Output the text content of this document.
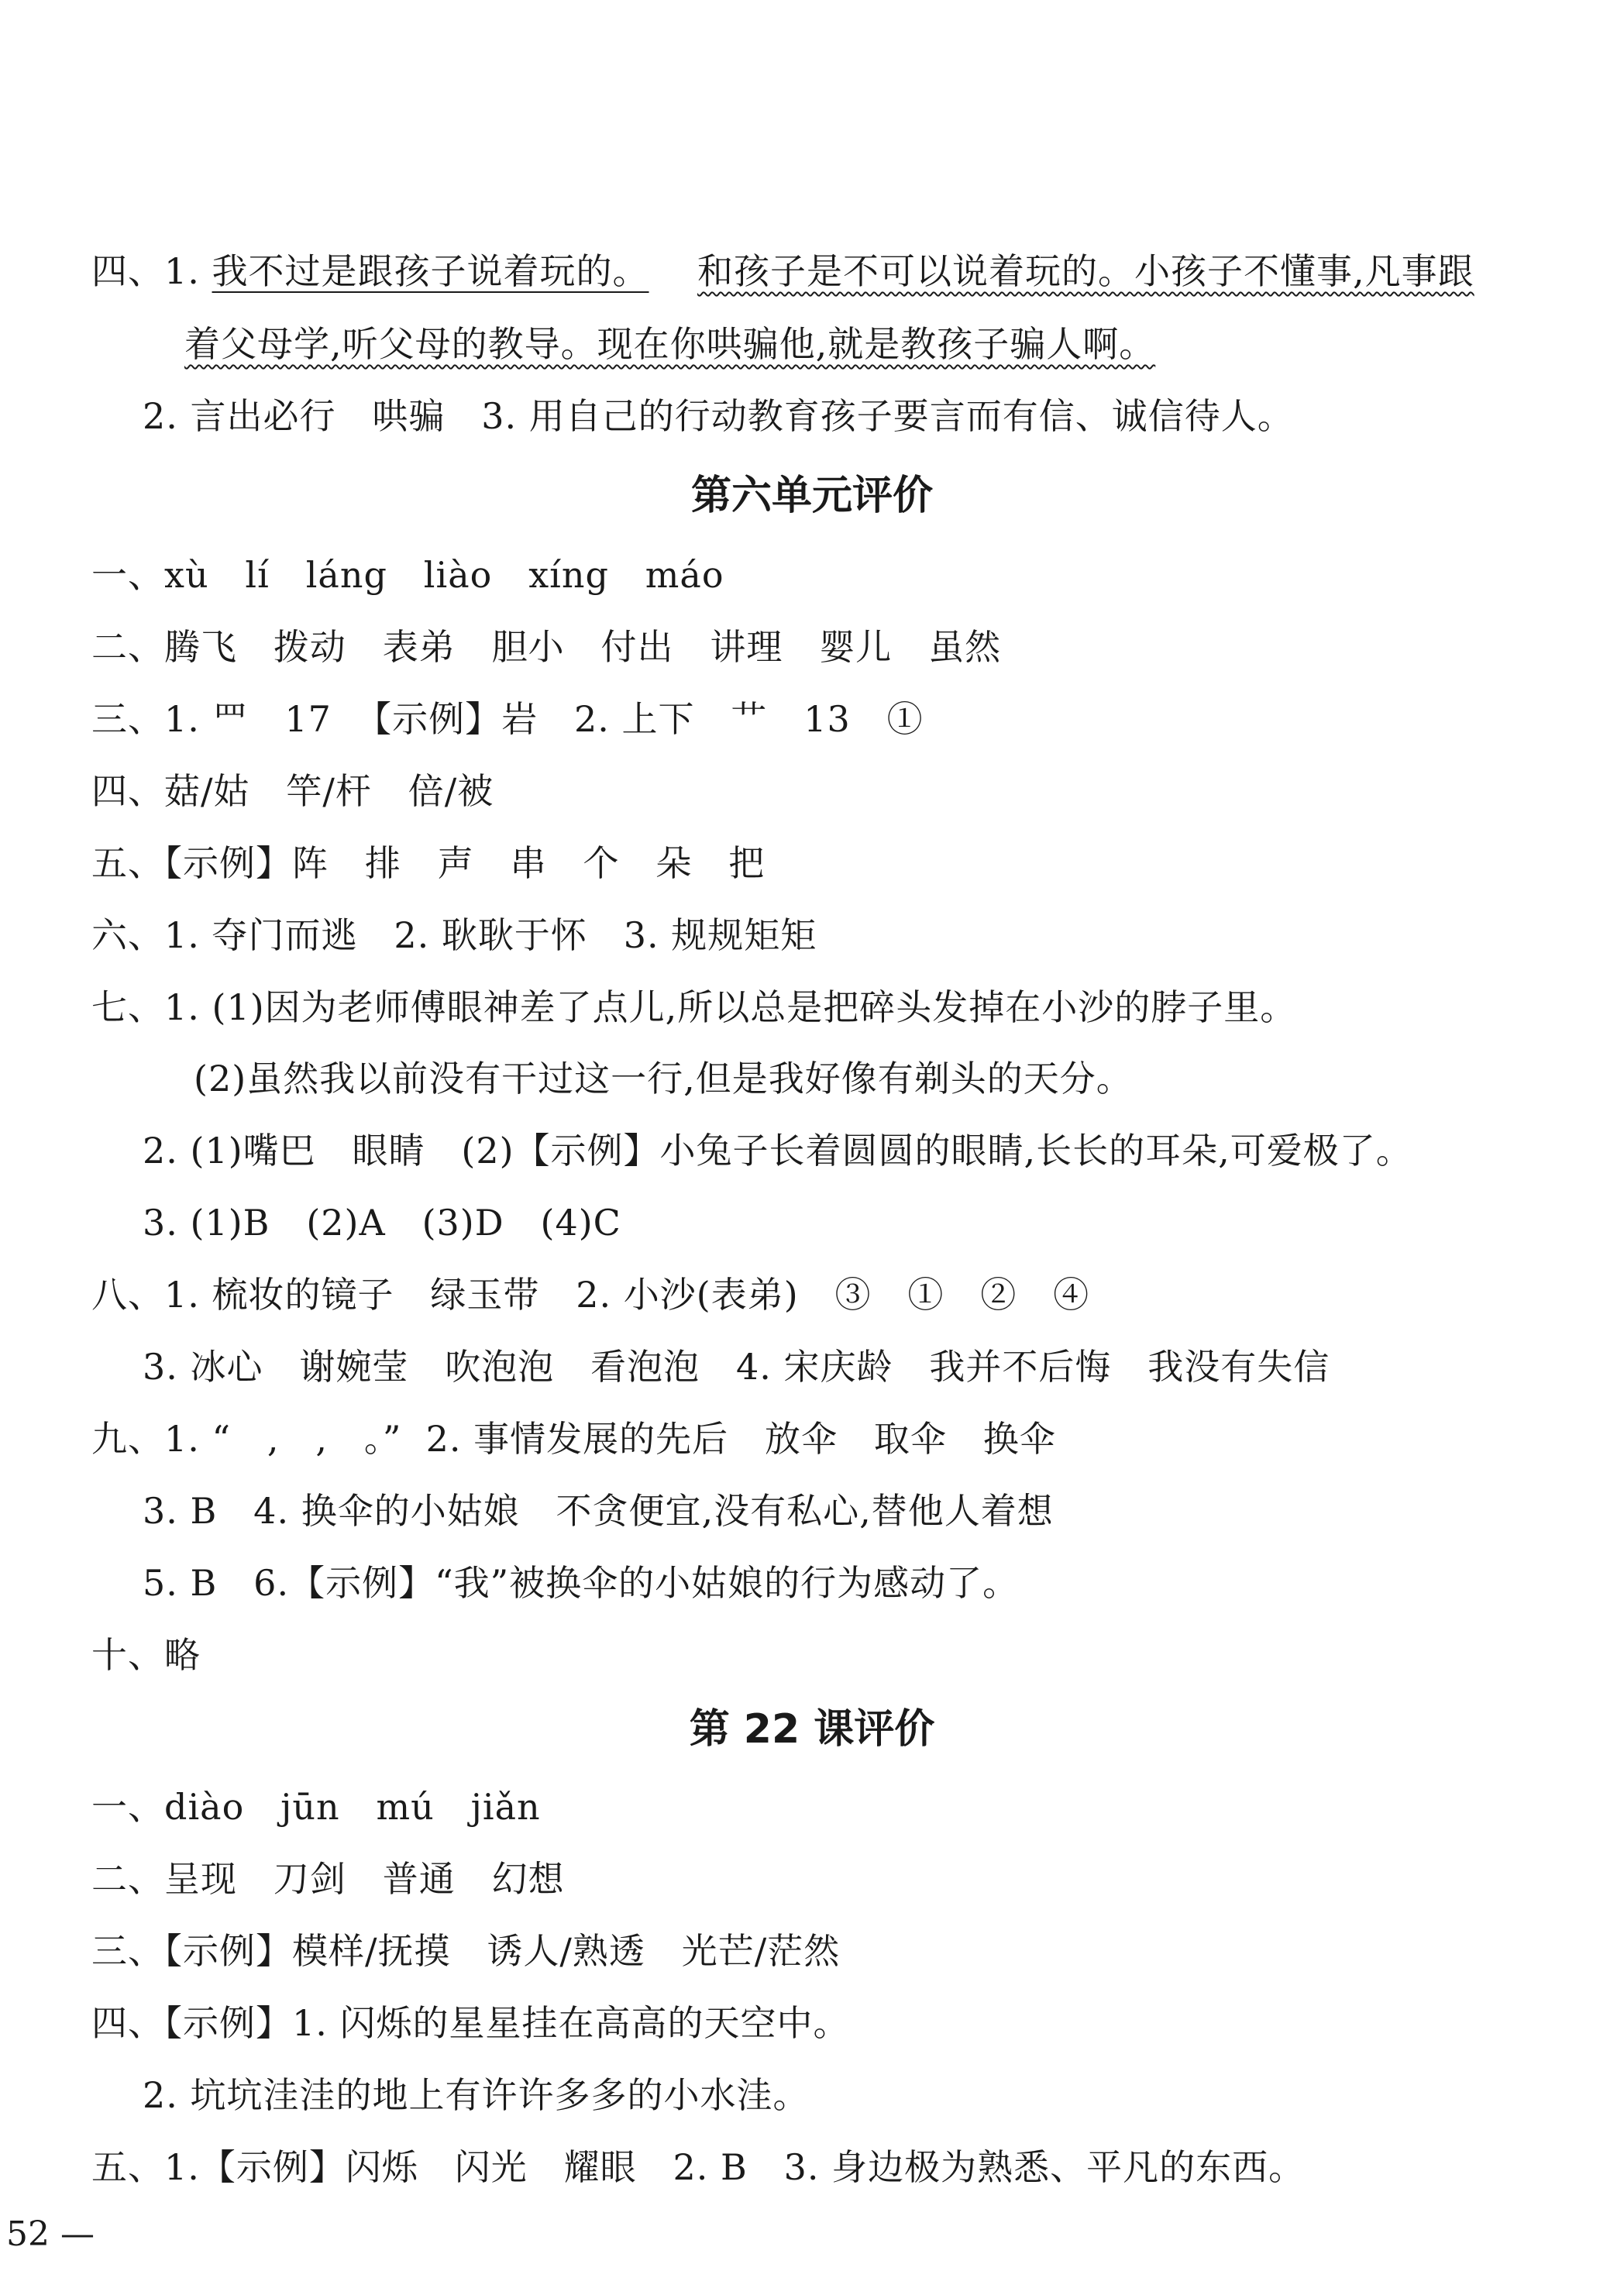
四、1. 我不过是跟孩子说着玩的。 和孩子是不可以说着玩的。小孩子不懂事,凡事跟
着父母学,听父母的教导。现在你哄骗他,就是教孩子骗人啊。
2. 言出必行   哄骗   3. 用自己的行动教育孩子要言而有信、诚信待人。
第六单元评价
一、xù   lí   láng   liào   xíng   máo
二、腾飞   拨动   表弟   胆小   付出   讲理   婴儿   虽然
三、1. 罒   17  【示例】岩   2. 上下   艹   13   ①
四、菇/姑   竿/杆   倍/被
五、【示例】阵   排   声   串   个   朵   把
六、1. 夺门而逃   2. 耿耿于怀   3. 规规矩矩
七、1. (1)因为老师傅眼神差了点儿,所以总是把碎头发掉在小沙的脖子里。
(2)虽然我以前没有干过这一行,但是我好像有剃头的天分。
2. (1)嘴巴   眼睛   (2)【示例】小兔子长着圆圆的眼睛,长长的耳朵,可爱极了。
3. (1)B   (2)A   (3)D   (4)C
八、1. 梳妆的镜子   绿玉带   2. 小沙(表弟)   ③   ①   ②   ④
3. 冰心   谢婉莹   吹泡泡   看泡泡   4. 宋庆龄   我并不后悔   我没有失信
九、1. “   ,   ,   。”  2. 事情发展的先后   放伞   取伞   换伞
3. B   4. 换伞的小姑娘   不贪便宜,没有私心,替他人着想
5. B   6.【示例】“我”被换伞的小姑娘的行为感动了。
十、略
第 22 课评价
一、diào   jūn   mú   jiǎn
二、呈现   刀剑   普通   幻想
三、【示例】模样/抚摸   诱人/熟透   光芒/茫然
四、【示例】1. 闪烁的星星挂在高高的天空中。
2. 坑坑洼洼的地上有许许多多的小水洼。
五、1.【示例】闪烁   闪光   耀眼   2. B   3. 身边极为熟悉、平凡的东西。
52 —
